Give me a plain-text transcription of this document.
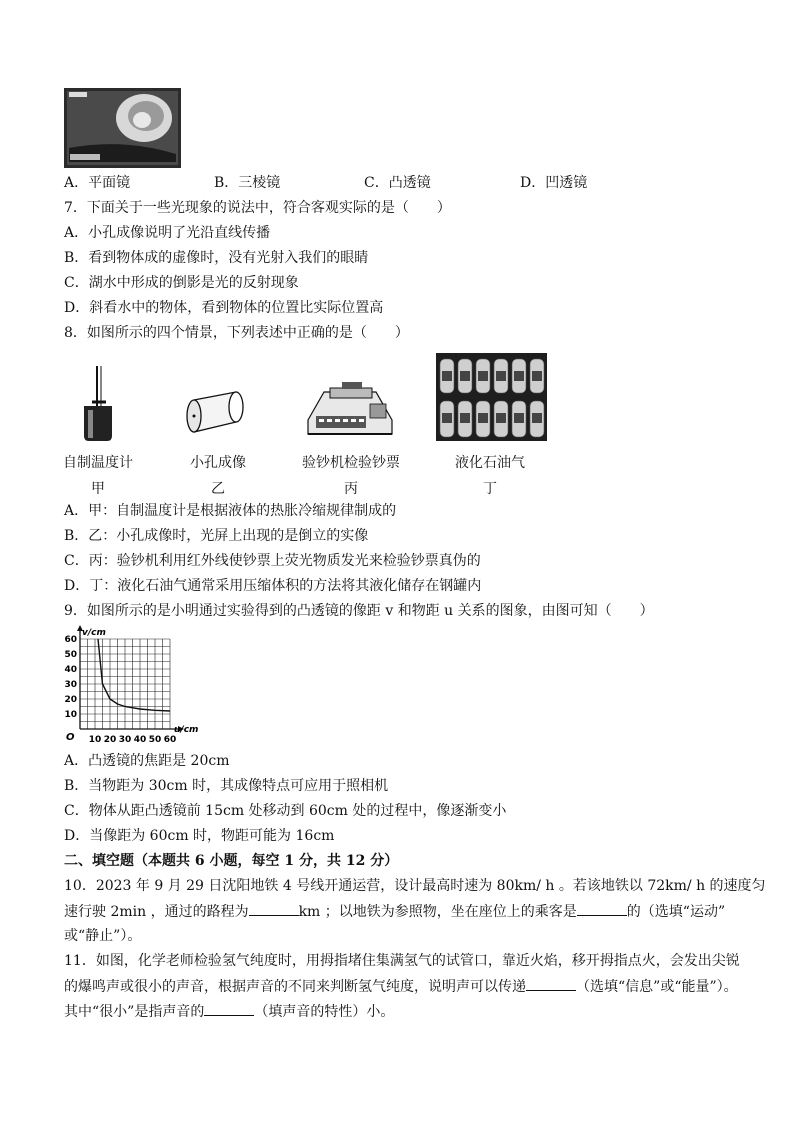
A．平面镜	B．三棱镜	C．凸透镜	D．凹透镜
7．下面关于一些光现象的说法中，符合客观实际的是（　　）
A．小孔成像说明了光沿直线传播
B．看到物体成的虚像时，没有光射入我们的眼睛
C．湖水中形成的倒影是光的反射现象
D．斜看水中的物体，看到物体的位置比实际位置高
8．如图所示的四个情景，下列表述中正确的是（　　）
自制温度计	小孔成像	验钞机检验钞票	液化石油气
甲	乙	丙	丁
A．甲：自制温度计是根据液体的热胀冷缩规律制成的
B．乙：小孔成像时，光屏上出现的是倒立的实像
C．丙：验钞机利用红外线使钞票上荧光物质发光来检验钞票真伪的
D．丁：液化石油气通常采用压缩体积的方法将其液化储存在钢罐内
9．如图所示的是小明通过实验得到的凸透镜的像距 v 和物距 u 关系的图象，由图可知（　　）
10 20 30 40 50 60
10
20
30
40
50
60
v/cm
u/cm
O
A．凸透镜的焦距是 20cm
B．当物距为 30cm 时，其成像特点可应用于照相机
C．物体从距凸透镜前 15cm 处移动到 60cm 处的过程中，像逐渐变小
D．当像距为 60cm 时，物距可能为 16cm
二、填空题（本题共 6 小题，每空 1 分，共 12 分）
10．2023 年 9 月 29 日沈阳地铁 4 号线开通运营，设计最高时速为 80km/ h 。若该地铁以 72km/ h 的速度匀
速行驶 2min ，通过的路程为	km ；以地铁为参照物，坐在座位上的乘客是	的（选填“运动”
或“静止”）。
11．如图，化学老师检验氢气纯度时，用拇指堵住集满氢气的试管口，靠近火焰，移开拇指点火，会发出尖锐
的爆鸣声或很小的声音，根据声音的不同来判断氢气纯度，说明声可以传递	（选填“信息”或“能量”）。
其中“很小”是指声音的	（填声音的特性）小。
